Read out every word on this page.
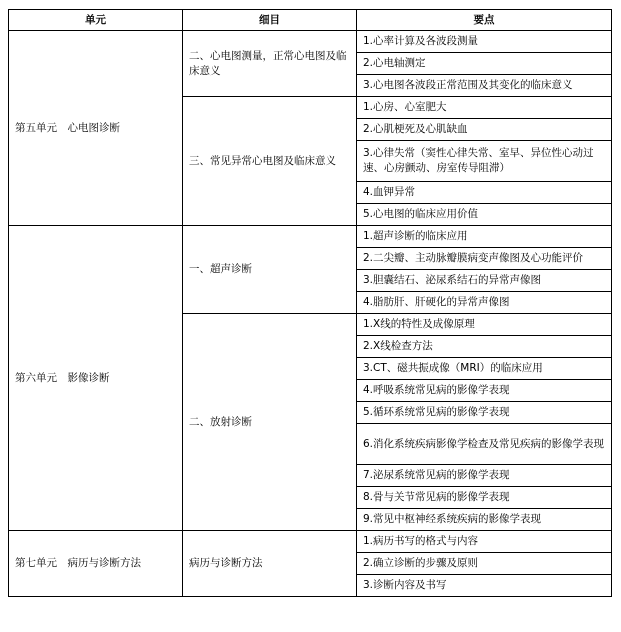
单元	细目	要点
第五单元　心电图诊断	二、心电图测量，正常心电图及临床意义	1.心率计算及各波段测量
		2.心电轴测定
		3.心电图各波段正常范围及其变化的临床意义
	三、常见异常心电图及临床意义	1.心房、心室肥大
		2.心肌梗死及心肌缺血
		3.心律失常（窦性心律失常、室早、异位性心动过速、心房颤动、房室传导阻滞）
		4.血钾异常
		5.心电图的临床应用价值
第六单元　影像诊断	一、超声诊断	1.超声诊断的临床应用
		2.二尖瓣、主动脉瓣膜病变声像图及心功能评价
		3.胆囊结石、泌尿系结石的异常声像图
		4.脂肪肝、肝硬化的异常声像图
	二、放射诊断	1.X线的特性及成像原理
		2.X线检查方法
		3.CT、磁共振成像（MRI）的临床应用
		4.呼吸系统常见病的影像学表现
		5.循环系统常见病的影像学表现
		6.消化系统疾病影像学检查及常见疾病的影像学表现
		7.泌尿系统常见病的影像学表现
		8.骨与关节常见病的影像学表现
		9.常见中枢神经系统疾病的影像学表现
第七单元　病历与诊断方法	病历与诊断方法	1.病历书写的格式与内容
		2.确立诊断的步骤及原则
		3.诊断内容及书写
